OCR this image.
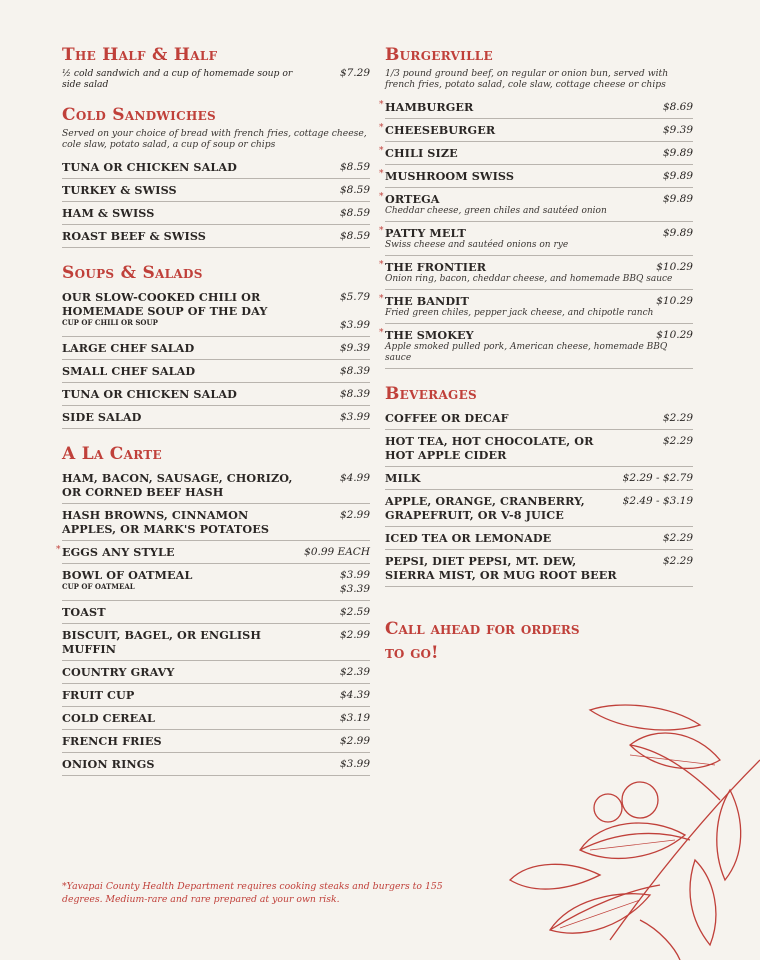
The Half & Half
½ cold sandwich and a cup of homemade soup or side salad
$7.29
Cold Sandwiches
Served on your choice of bread with french fries, cottage cheese, cole slaw, potato salad, a cup of soup or chips
TUNA OR CHICKEN SALAD	$8.59
TURKEY & SWISS	$8.59
HAM & SWISS	$8.59
ROAST BEEF & SWISS	$8.59
Soups & Salads
OUR SLOW-COOKED CHILI OR HOMEMADE SOUP OF THE DAY
$5.79
CUP OF CHILI OR SOUP	$3.99
LARGE CHEF SALAD	$9.39
SMALL CHEF SALAD	$8.39
TUNA OR CHICKEN SALAD	$8.39
SIDE SALAD	$3.99
A La Carte
HAM, BACON, SAUSAGE, CHORIZO, OR CORNED BEEF HASH
$4.99
HASH BROWNS, CINNAMON APPLES, OR MARK'S POTATOES
$2.99
* EGGS ANY STYLE	$0.99 EACH
BOWL OF OATMEAL	$3.99
CUP OF OATMEAL	$3.39
TOAST	$2.59
BISCUIT, BAGEL, OR ENGLISH MUFFIN
$2.99
COUNTRY GRAVY	$2.39
FRUIT CUP	$4.39
COLD CEREAL	$3.19
FRENCH FRIES	$2.99
ONION RINGS	$3.99
Burgerville
1/3 pound ground beef, on regular or onion bun, served with french fries, potato salad, cole slaw, cottage cheese or chips
* HAMBURGER	$8.69
* CHEESEBURGER	$9.39
* CHILI SIZE	$9.89
* MUSHROOM SWISS	$9.89
* ORTEGA	$9.89
Cheddar cheese, green chiles and sautéed onion
* PATTY MELT	$9.89
Swiss cheese and sautéed onions on rye
* THE FRONTIER	$10.29
Onion ring, bacon, cheddar cheese, and homemade BBQ sauce
* THE BANDIT	$10.29
Fried green chiles, pepper jack cheese, and chipotle ranch
* THE SMOKEY	$10.29
Apple smoked pulled pork, American cheese, homemade BBQ sauce
Beverages
COFFEE OR DECAF	$2.29
HOT TEA, HOT CHOCOLATE, OR HOT APPLE CIDER
$2.29
MILK	$2.29 - $2.79
APPLE, ORANGE, CRANBERRY, GRAPEFRUIT, OR V-8 JUICE
$2.49 - $3.19
ICED TEA OR LEMONADE	$2.29
PEPSI, DIET PEPSI, MT. DEW, SIERRA MIST, OR MUG ROOT BEER
$2.29
Call ahead for orders to go!
*Yavapai County Health Department requires cooking steaks and burgers to 155 degrees. Medium-rare and rare prepared at your own risk.
